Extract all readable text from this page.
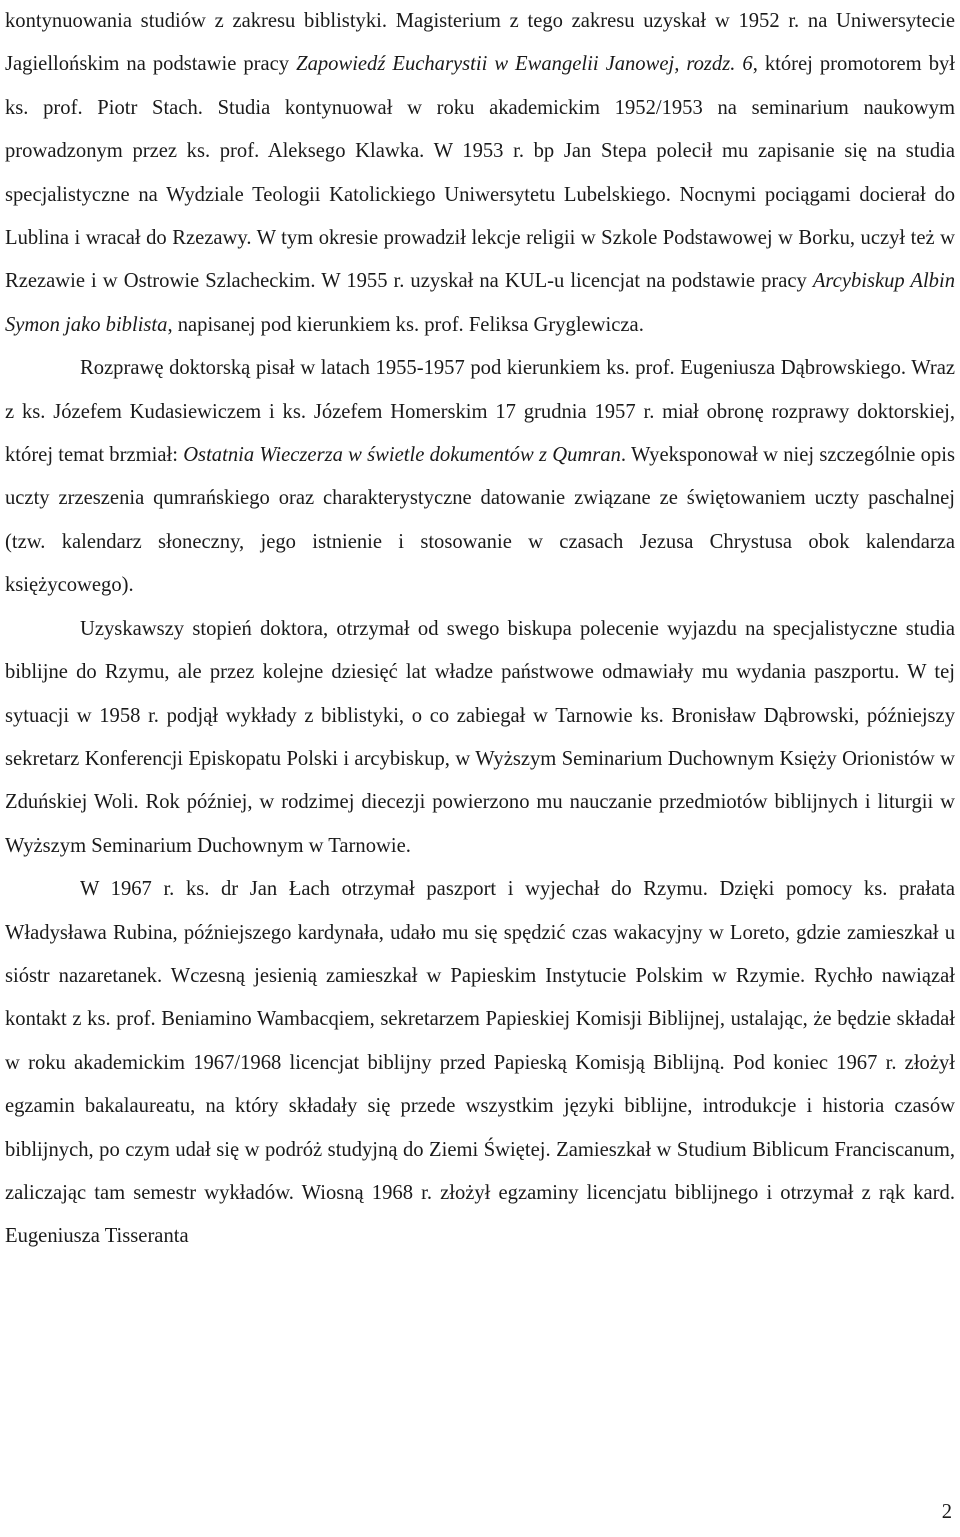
kontynuowania studiów z zakresu biblistyki. Magisterium z tego zakresu uzyskał w 1952 r. na Uniwersytecie Jagiellońskim na podstawie pracy Zapowiedź Eucharystii w Ewangelii Janowej, rozdz. 6, której promotorem był ks. prof. Piotr Stach. Studia kontynuował w roku akademickim 1952/1953 na seminarium naukowym prowadzonym przez ks. prof. Aleksego Klawka. W 1953 r. bp Jan Stepa polecił mu zapisanie się na studia specjalistyczne na Wydziale Teologii Katolickiego Uniwersytetu Lubelskiego. Nocnymi pociągami docierał do Lublina i wracał do Rzezawy. W tym okresie prowadził lekcje religii w Szkole Podstawowej w Borku, uczył też w Rzezawie i w Ostrowie Szlacheckim. W 1955 r. uzyskał na KUL-u licencjat na podstawie pracy Arcybiskup Albin Symon jako biblista, napisanej pod kierunkiem ks. prof. Feliksa Gryglewicza.

Rozprawę doktorską pisał w latach 1955-1957 pod kierunkiem ks. prof. Eugeniusza Dąbrowskiego. Wraz z ks. Józefem Kudasiewiczem i ks. Józefem Homerskim 17 grudnia 1957 r. miał obronę rozprawy doktorskiej, której temat brzmiał: Ostatnia Wieczerza w świetle dokumentów z Qumran. Wyeksponował w niej szczególnie opis uczty zrzeszenia qumrańskiego oraz charakterystyczne datowanie związane ze świętowaniem uczty paschalnej (tzw. kalendarz słoneczny, jego istnienie i stosowanie w czasach Jezusa Chrystusa obok kalendarza księżycowego).

Uzyskawszy stopień doktora, otrzymał od swego biskupa polecenie wyjazdu na specjalistyczne studia biblijne do Rzymu, ale przez kolejne dziesięć lat władze państwowe odmawiały mu wydania paszportu. W tej sytuacji w 1958 r. podjął wykłady z biblistyki, o co zabiegał w Tarnowie ks. Bronisław Dąbrowski, późniejszy sekretarz Konferencji Episkopatu Polski i arcybiskup, w Wyższym Seminarium Duchownym Księży Orionistów w Zduńskiej Woli. Rok później, w rodzimej diecezji powierzono mu nauczanie przedmiotów biblijnych i liturgii w Wyższym Seminarium Duchownym w Tarnowie.

W 1967 r. ks. dr Jan Łach otrzymał paszport i wyjechał do Rzymu. Dzięki pomocy ks. prałata Władysława Rubina, późniejszego kardynała, udało mu się spędzić czas wakacyjny w Loreto, gdzie zamieszkał u sióstr nazaretanek. Wczesną jesienią zamieszkał w Papieskim Instytucie Polskim w Rzymie. Rychło nawiązał kontakt z ks. prof. Beniamino Wambacqiem, sekretarzem Papieskiej Komisji Biblijnej, ustalając, że będzie składał w roku akademickim 1967/1968 licencjat biblijny przed Papieską Komisją Biblijną. Pod koniec 1967 r. złożył egzamin bakalaureatu, na który składały się przede wszystkim języki biblijne, introdukcje i historia czasów biblijnych, po czym udał się w podróż studyjną do Ziemi Świętej. Zamieszkał w Studium Biblicum Franciscanum, zaliczając tam semestr wykładów. Wiosną 1968 r. złożył egzaminy licencjatu biblijnego i otrzymał z rąk kard. Eugeniusza Tisseranta

2
